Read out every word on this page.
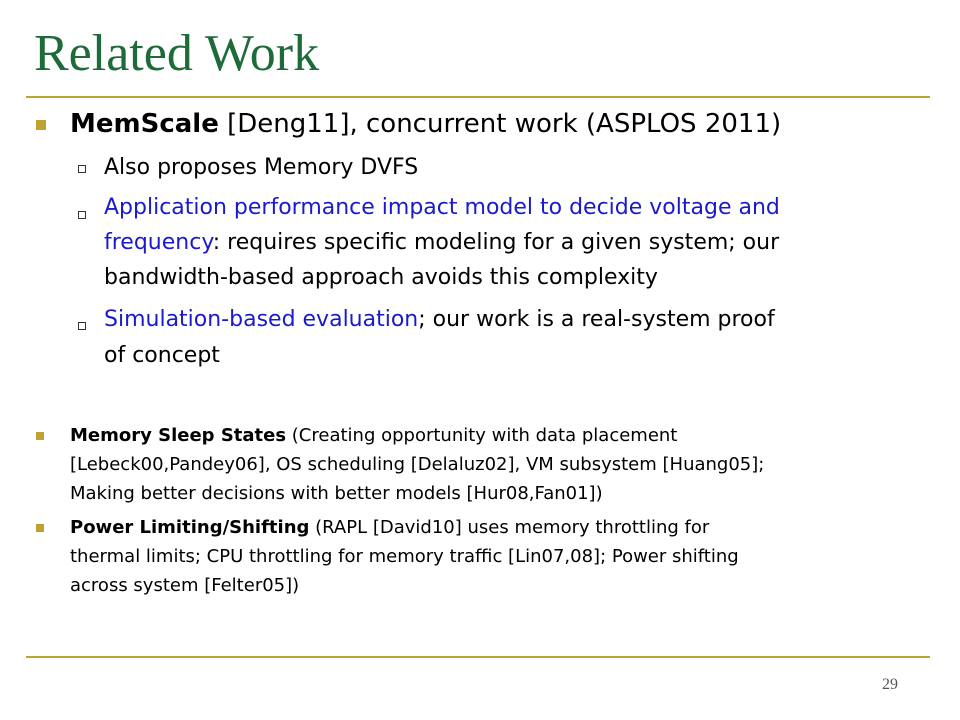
Related Work

MemScale [Deng11], concurrent work (ASPLOS 2011)

Also proposes Memory DVFS

Application performance impact model to decide voltage and

frequency: requires specific modeling for a given system; our

bandwidth-based approach avoids this complexity

Simulation-based evaluation; our work is a real-system proof

of concept

Memory Sleep States (Creating opportunity with data placement

[Lebeck00,Pandey06], OS scheduling [Delaluz02], VM subsystem [Huang05];

Making better decisions with better models [Hur08,Fan01])

Power Limiting/Shifting (RAPL [David10] uses memory throttling for

thermal limits; CPU throttling for memory traffic [Lin07,08]; Power shifting

across system [Felter05])

29
